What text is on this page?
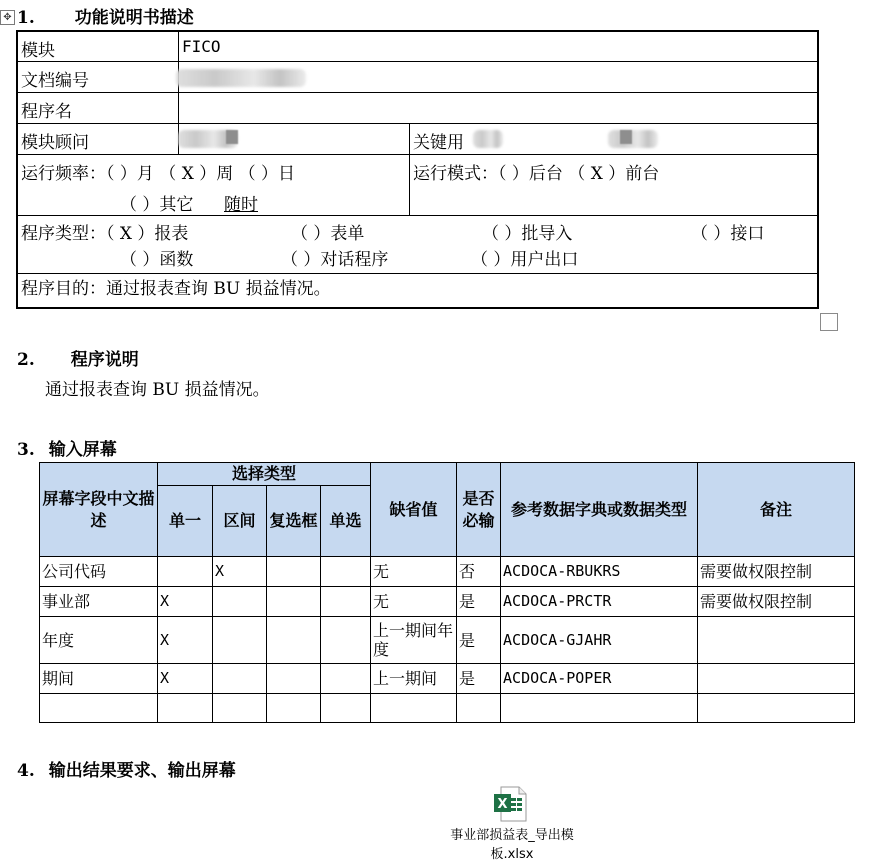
✥ 1. 功能说明书描述
模块	FICO
文档编号
程序名
模块顾问	关键用
运行频率：（ ）月 （ X ）周 （ ）日
（ ）其它 随时
运行模式：（ ）后台 （ X ）前台
程序类型：（ X ）报表	（ ）表单	（ ）批导入	（ ）接口
（ ）函数	（ ）对话程序	（ ）用户出口
程序目的：通过报表查询 BU 损益情况。
2. 程序说明
通过报表查询 BU 损益情况。
3. 输入屏幕
屏幕字段中文描述	选择类型				缺省值	是否必输	参考数据字典或数据类型	备注
	单一	区间	复选框	单选				
公司代码		X			无	否	ACDOCA-RBUKRS	需要做权限控制
事业部	X				无	是	ACDOCA-PRCTR	需要做权限控制
年度	X				上一期间年度	是	ACDOCA-GJAHR	
期间	X				上一期间	是	ACDOCA-POPER	

4. 输出结果要求、输出屏幕
X
事业部损益表_导出模板.xlsx
